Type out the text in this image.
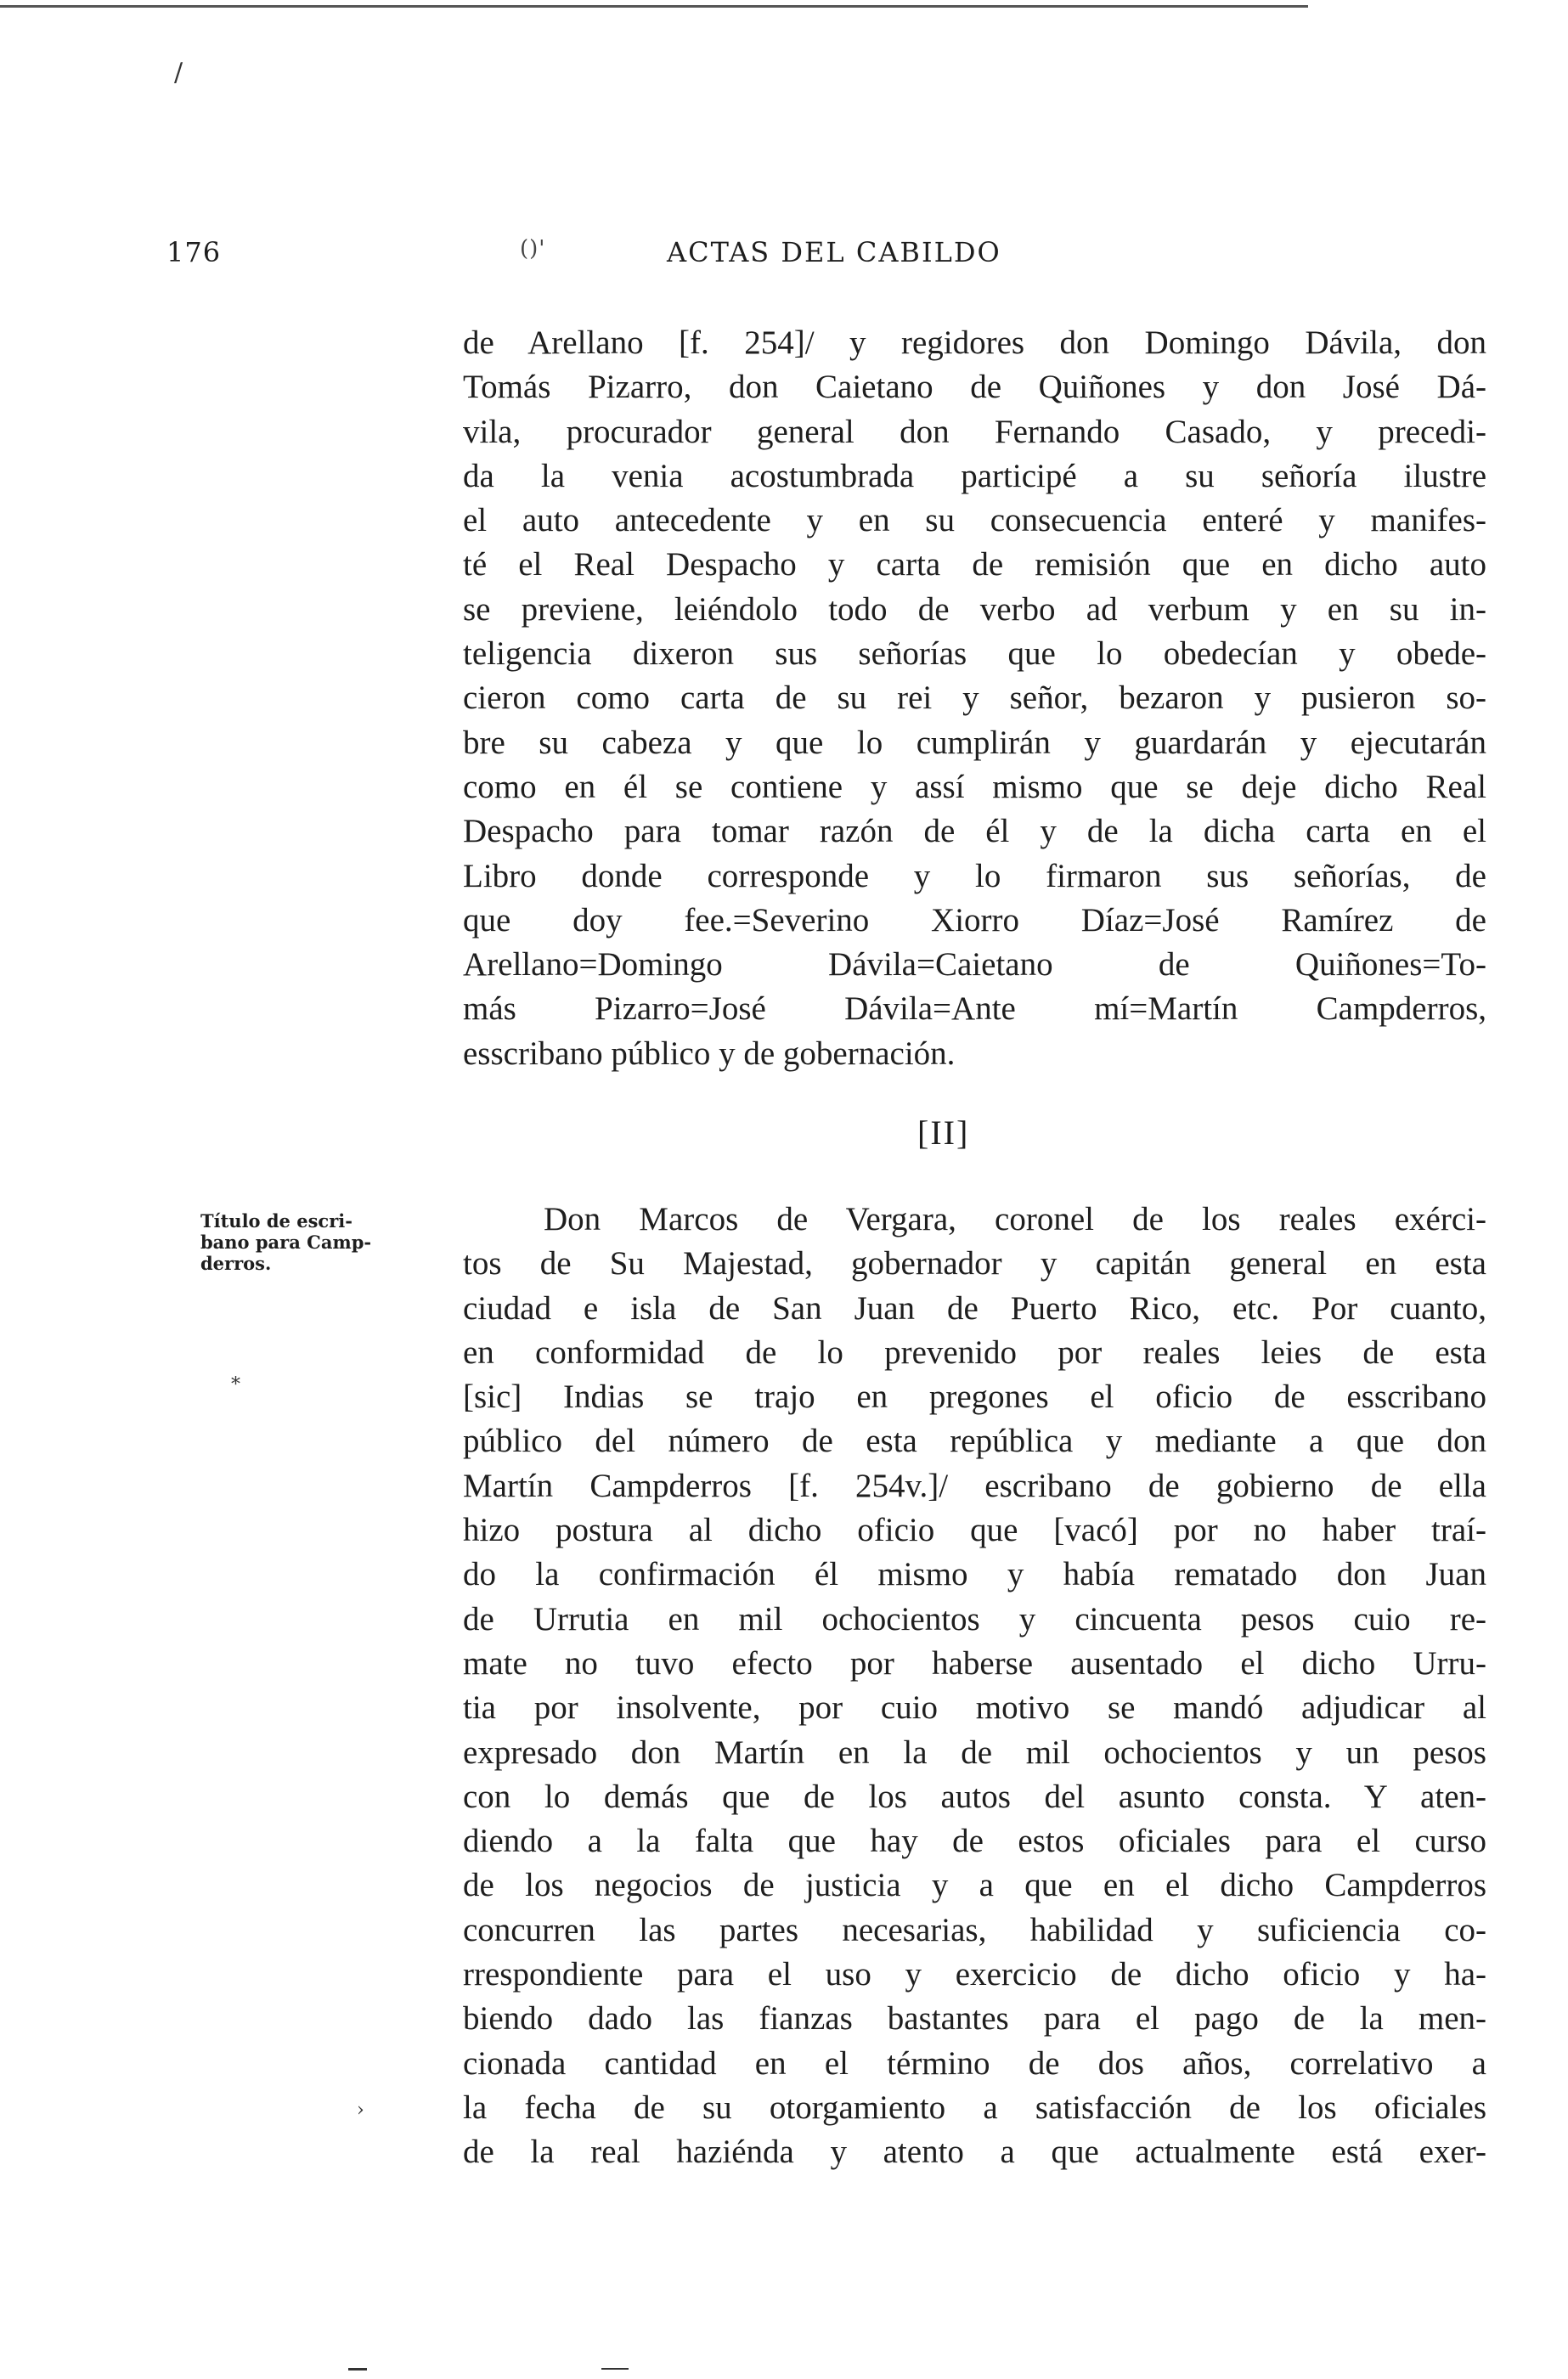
/
176	()'	ACTAS DEL CABILDO
de Arellano [f. 254]/ y regidores don Domingo Dávila, don
Tomás Pizarro, don Caietano de Quiñones y don José Dá-
vila, procurador general don Fernando Casado, y precedi-
da la venia acostumbrada participé a su señoría ilustre
el auto antecedente y en su consecuencia enteré y manifes-
té el Real Despacho y carta de remisión que en dicho auto
se previene, leiéndolo todo de verbo ad verbum y en su in-
teligencia dixeron sus señorías que lo obedecían y obede-
cieron como carta de su rei y señor, bezaron y pusieron so-
bre su cabeza y que lo cumplirán y guardarán y ejecutarán
como en él se contiene y assí mismo que se deje dicho Real
Despacho para tomar razón de él y de la dicha carta en el
Libro donde corresponde y lo firmaron sus señorías, de
que doy fee.=Severino Xiorro Díaz=José Ramírez de
Arellano=Domingo Dávila=Caietano de Quiñones=To-
más Pizarro=José Dávila=Ante mí=Martín Campderros,
esscribano público y de gobernación.
[II]
Título de escri-
bano para Camp-
derros.
*
›
Don Marcos de Vergara, coronel de los reales exérci-
tos de Su Majestad, gobernador y capitán general en esta
ciudad e isla de San Juan de Puerto Rico, etc. Por cuanto,
en conformidad de lo prevenido por reales leies de esta
[sic] Indias se trajo en pregones el oficio de esscribano
público del número de esta república y mediante a que don
Martín Campderros [f. 254v.]/ escribano de gobierno de ella
hizo postura al dicho oficio que [vacó] por no haber traí-
do la confirmación él mismo y había rematado don Juan
de Urrutia en mil ochocientos y cincuenta pesos cuio re-
mate no tuvo efecto por haberse ausentado el dicho Urru-
tia por insolvente, por cuio motivo se mandó adjudicar al
expresado don Martín en la de mil ochocientos y un pesos
con lo demás que de los autos del asunto consta. Y aten-
diendo a la falta que hay de estos oficiales para el curso
de los negocios de justicia y a que en el dicho Campderros
concurren las partes necesarias, habilidad y suficiencia co-
rrespondiente para el uso y exercicio de dicho oficio y ha-
biendo dado las fianzas bastantes para el pago de la men-
cionada cantidad en el término de dos años, correlativo a
la fecha de su otorgamiento a satisfacción de los oficiales
de la real haziénda y atento a que actualmente está exer-
